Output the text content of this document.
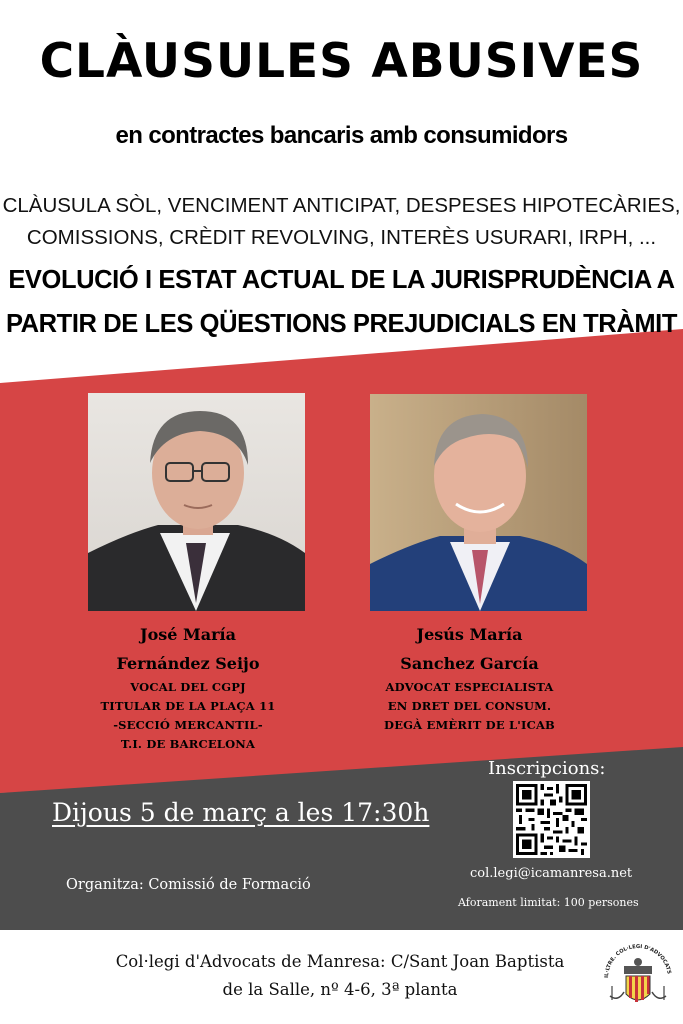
CLÀUSULES ABUSIVES
en contractes bancaris amb consumidors
CLÀUSULA SÒL, VENCIMENT ANTICIPAT, DESPESES HIPOTECÀRIES,
COMISSIONS, CRÈDIT REVOLVING, INTERÈS USURARI, IRPH, ...
EVOLUCIÓ I ESTAT ACTUAL DE LA JURISPRUDÈNCIA A
PARTIR DE LES QÜESTIONS PREJUDICIALS EN TRÀMIT
José María
Fernández Seijo
VOCAL DEL CGPJ
TITULAR DE LA PLAÇA 11
-SECCIÓ MERCANTIL-
T.I. DE BARCELONA
Jesús María
Sanchez García
ADVOCAT ESPECIALISTA
EN DRET DEL CONSUM.
DEGÀ EMÈRIT DE L'ICAB
Dijous 5 de març a les 17:30h
Organitza: Comissió de Formació
Inscripcions:
col.legi@icamanresa.net
Aforament limitat: 100 persones
Col·legi d'Advocats de Manresa: C/Sant Joan Baptista
de la Salle, nº 4-6, 3ª planta
IL·LTRE. COL·LEGI D'ADVOCATS
